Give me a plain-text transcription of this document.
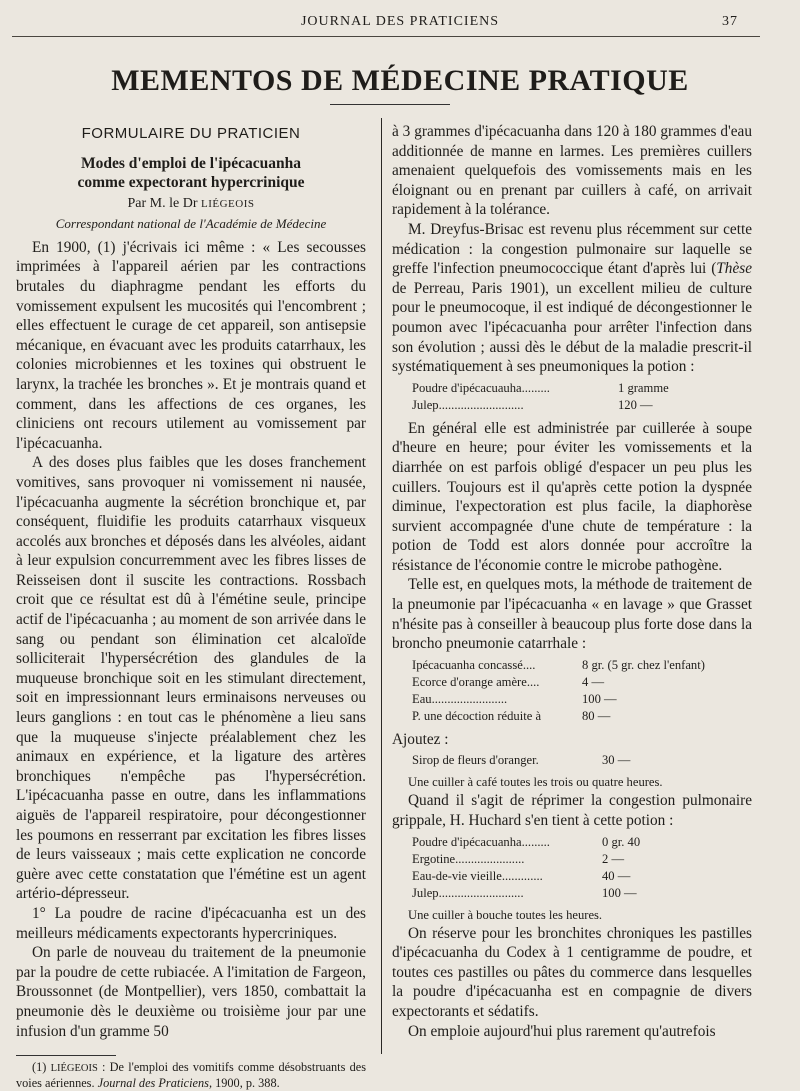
JOURNAL DES PRATICIENS	37
MEMENTOS DE MÉDECINE PRATIQUE
FORMULAIRE DU PRATICIEN
Modes d'emploi de l'ipécacuanha
comme expectorant hypercrinique
Par M. le Dr LIÉGEOIS
Correspondant national de l'Académie de Médecine

En 1900, (1) j'écrivais ici même : « Les secousses imprimées à l'appareil aérien par les contractions brutales du diaphragme pendant les efforts du vomissement expulsent les mucosités qui l'encombrent ; elles effectuent le curage de cet appareil, son antisepsie mécanique, en évacuant avec les produits catarrhaux, les colonies microbiennes et les toxines qui obstruent le larynx, la trachée les bronches ». Et je montrais quand et comment, dans les affections de ces organes, les cliniciens ont recours utilement au vomissement par l'ipécacuanha.

A des doses plus faibles que les doses franchement vomitives, sans provoquer ni vomissement ni nausée, l'ipécacuanha augmente la sécrétion bronchique et, par conséquent, fluidifie les produits catarrhaux visqueux accolés aux bronches et déposés dans les alvéoles, aidant à leur expulsion concurremment avec les fibres lisses de Reisseisen dont il suscite les contractions. Rossbach croit que ce résultat est dû à l'émétine seule, principe actif de l'ipécacuanha ; au moment de son arrivée dans le sang ou pendant son élimination cet alcaloïde solliciterait l'hypersécrétion des glandules de la muqueuse bronchique soit en les stimulant directement, soit en impressionnant leurs erminaisons nerveuses ou leurs ganglions : en tout cas le phénomène a lieu sans que la muqueuse s'injecte préalablement chez les animaux en expérience, et la ligature des artères bronchiques n'empêche pas l'hypersécrétion. L'ipécacuanha passe en outre, dans les inflammations aiguës de l'appareil respiratoire, pour décongestionner les poumons en resserrant par excitation les fibres lisses de leurs vaisseaux ; mais cette explication ne concorde guère avec cette constatation que l'émétine est un agent artério-dépresseur.

1° La poudre de racine d'ipécacuanha est un des meilleurs médicaments expectorants hypercriniques.

On parle de nouveau du traitement de la pneumonie par la poudre de cette rubiacée. A l'imitation de Fargeon, Broussonnet (de Montpellier), vers 1850, combattait la pneumonie dès le deuxième ou troisième jour par une infusion d'un gramme 50

(1) LIÉGEOIS : De l'emploi des vomitifs comme désobstruants des voies aériennes. Journal des Praticiens, 1900, p. 388.

à 3 grammes d'ipécacuanha dans 120 à 180 grammes d'eau additionnée de manne en larmes. Les premières cuillers amenaient quelquefois des vomissements mais en les éloignant ou en prenant par cuillers à café, on arrivait rapidement à la tolérance.

M. Dreyfus-Brisac est revenu plus récemment sur cette médication : la congestion pulmonaire sur laquelle se greffe l'infection pneumococcique étant d'après lui (Thèse de Perreau, Paris 1901), un excellent milieu de culture pour le pneumocoque, il est indiqué de décongestionner le poumon avec l'ipécacuanha pour arrêter l'infection dans son évolution ; aussi dès le début de la maladie prescrit-il systématiquement à ses pneumoniques la potion :

Poudre d'ipécacuauha.........	1 gramme
Julep...........................	120 —

En général elle est administrée par cuillerée à soupe d'heure en heure; pour éviter les vomissements et la diarrhée on est parfois obligé d'espacer un peu plus les cuillers. Toujours est il qu'après cette potion la dyspnée diminue, l'expectoration est plus facile, la diaphorèse survient accompagnée d'une chute de température : la potion de Todd est alors donnée pour accroître la résistance de l'économie contre le microbe pathogène.

Telle est, en quelques mots, la méthode de traitement de la pneumonie par l'ipécacuanha « en lavage » que Grasset n'hésite pas à conseiller à beaucoup plus forte dose dans la broncho pneumonie catarrhale :

Ipécacuanha concassé....	8 gr. (5 gr. chez l'enfant)
Ecorce d'orange amère....	4 —
Eau........................	100 —
P. une décoction réduite à	80 —

Ajoutez :

Sirop de fleurs d'oranger.	30 —

Une cuiller à café toutes les trois ou quatre heures.

Quand il s'agit de réprimer la congestion pulmonaire grippale, H. Huchard s'en tient à cette potion :

Poudre d'ipécacuanha.........	0 gr. 40
Ergotine......................	2 —
Eau-de-vie vieille.............	40 —
Julep...........................	100 —

Une cuiller à bouche toutes les heures.

On réserve pour les bronchites chroniques les pastilles d'ipécacuanha du Codex à 1 centigramme de poudre, et toutes ces pastilles ou pâtes du commerce dans lesquelles la poudre d'ipécacuanha est en compagnie de divers expectorants et sédatifs.

On emploie aujourd'hui plus rarement qu'autrefois
